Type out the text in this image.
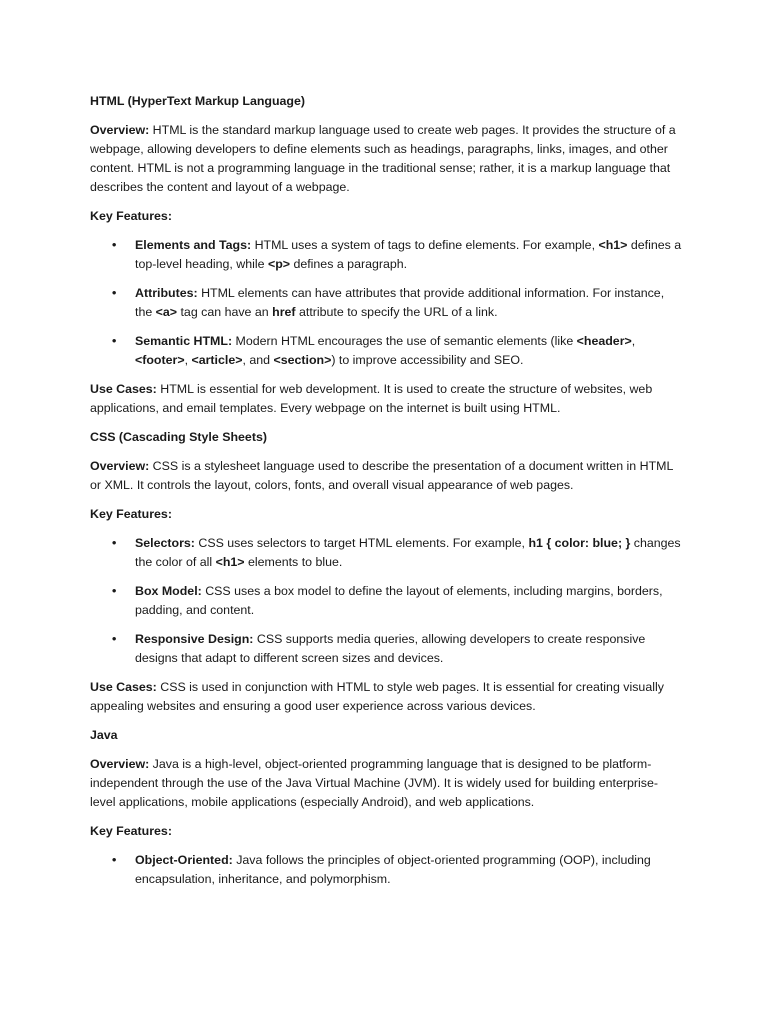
HTML (HyperText Markup Language)

Overview: HTML is the standard markup language used to create web pages. It provides the structure of a webpage, allowing developers to define elements such as headings, paragraphs, links, images, and other content. HTML is not a programming language in the traditional sense; rather, it is a markup language that describes the content and layout of a webpage.

Key Features:
• Elements and Tags: HTML uses a system of tags to define elements. For example, <h1> defines a top-level heading, while <p> defines a paragraph.
• Attributes: HTML elements can have attributes that provide additional information. For instance, the <a> tag can have an href attribute to specify the URL of a link.
• Semantic HTML: Modern HTML encourages the use of semantic elements (like <header>, <footer>, <article>, and <section>) to improve accessibility and SEO.

Use Cases: HTML is essential for web development. It is used to create the structure of websites, web applications, and email templates. Every webpage on the internet is built using HTML.

CSS (Cascading Style Sheets)

Overview: CSS is a stylesheet language used to describe the presentation of a document written in HTML or XML. It controls the layout, colors, fonts, and overall visual appearance of web pages.

Key Features:
• Selectors: CSS uses selectors to target HTML elements. For example, h1 { color: blue; } changes the color of all <h1> elements to blue.
• Box Model: CSS uses a box model to define the layout of elements, including margins, borders, padding, and content.
• Responsive Design: CSS supports media queries, allowing developers to create responsive designs that adapt to different screen sizes and devices.

Use Cases: CSS is used in conjunction with HTML to style web pages. It is essential for creating visually appealing websites and ensuring a good user experience across various devices.

Java

Overview: Java is a high-level, object-oriented programming language that is designed to be platform-independent through the use of the Java Virtual Machine (JVM). It is widely used for building enterprise-level applications, mobile applications (especially Android), and web applications.

Key Features:
• Object-Oriented: Java follows the principles of object-oriented programming (OOP), including encapsulation, inheritance, and polymorphism.
